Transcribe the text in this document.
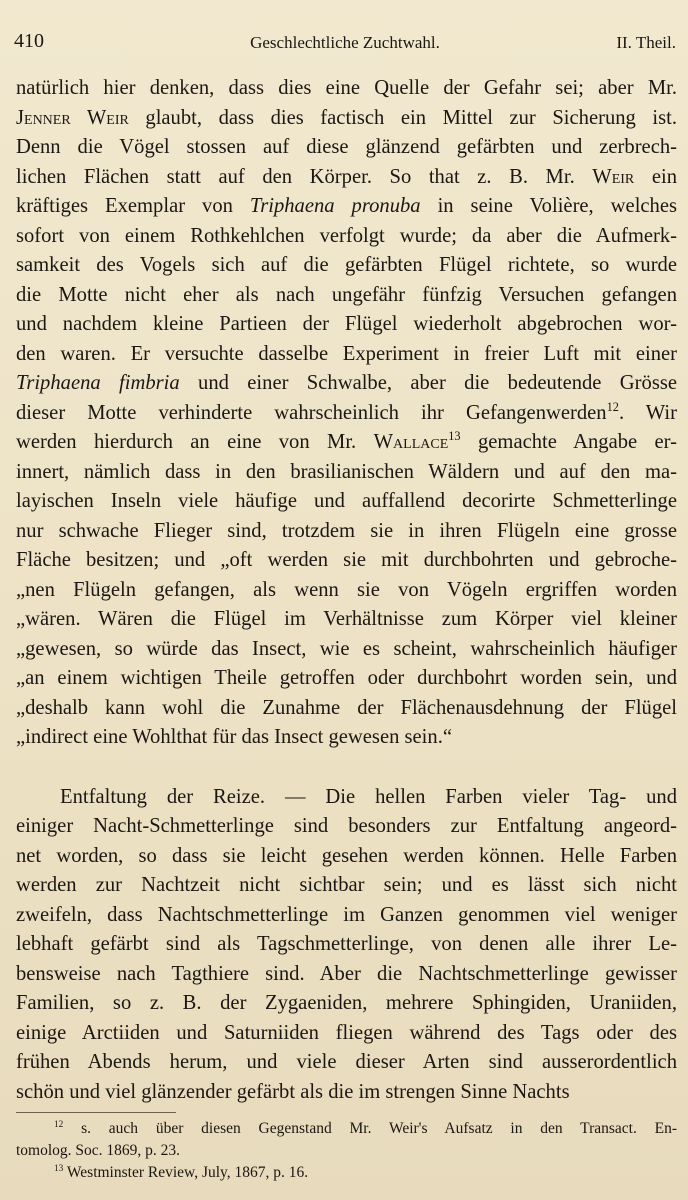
410	Geschlechtliche Zuchtwahl.	II. Theil.
natürlich hier denken, dass dies eine Quelle der Gefahr sei; aber Mr.
Jenner Weir glaubt, dass dies factisch ein Mittel zur Sicherung ist.
Denn die Vögel stossen auf diese glänzend gefärbten und zerbrech-
lichen Flächen statt auf den Körper. So that z. B. Mr. Weir ein
kräftiges Exemplar von Triphaena pronuba in seine Volière, welches
sofort von einem Rothkehlchen verfolgt wurde; da aber die Aufmerk-
samkeit des Vogels sich auf die gefärbten Flügel richtete, so wurde
die Motte nicht eher als nach ungefähr fünfzig Versuchen gefangen
und nachdem kleine Partieen der Flügel wiederholt abgebrochen wor-
den waren. Er versuchte dasselbe Experiment in freier Luft mit einer
Triphaena fimbria und einer Schwalbe, aber die bedeutende Grösse
dieser Motte verhinderte wahrscheinlich ihr Gefangenwerden$^{12}$. Wir
werden hierdurch an eine von Mr. Wallace$^{13}$ gemachte Angabe er-
innert, nämlich dass in den brasilianischen Wäldern und auf den ma-
layischen Inseln viele häufige und auffallend decorirte Schmetterlinge
nur schwache Flieger sind, trotzdem sie in ihren Flügeln eine grosse
Fläche besitzen; und „oft werden sie mit durchbohrten und gebroche-
„nen Flügeln gefangen, als wenn sie von Vögeln ergriffen worden
„wären. Wären die Flügel im Verhältnisse zum Körper viel kleiner
„gewesen, so würde das Insect, wie es scheint, wahrscheinlich häufiger
„an einem wichtigen Theile getroffen oder durchbohrt worden sein, und
„deshalb kann wohl die Zunahme der Flächenausdehnung der Flügel
„indirect eine Wohlthat für das Insect gewesen sein.“
Entfaltung der Reize. — Die hellen Farben vieler Tag- und
einiger Nacht-Schmetterlinge sind besonders zur Entfaltung angeord-
net worden, so dass sie leicht gesehen werden können. Helle Farben
werden zur Nachtzeit nicht sichtbar sein; und es lässt sich nicht
zweifeln, dass Nachtschmetterlinge im Ganzen genommen viel weniger
lebhaft gefärbt sind als Tagschmetterlinge, von denen alle ihrer Le-
bensweise nach Tagthiere sind. Aber die Nachtschmetterlinge gewisser
Familien, so z. B. der Zygaeniden, mehrere Sphingiden, Uraniiden,
einige Arctiiden und Saturniiden fliegen während des Tags oder des
frühen Abends herum, und viele dieser Arten sind ausserordentlich
schön und viel glänzender gefärbt als die im strengen Sinne Nachts
$^{12}$ s. auch über diesen Gegenstand Mr. Weir's Aufsatz in den Transact. En-
tomolog. Soc. 1869, p. 23.
$^{13}$ Westminster Review, July, 1867, p. 16.
